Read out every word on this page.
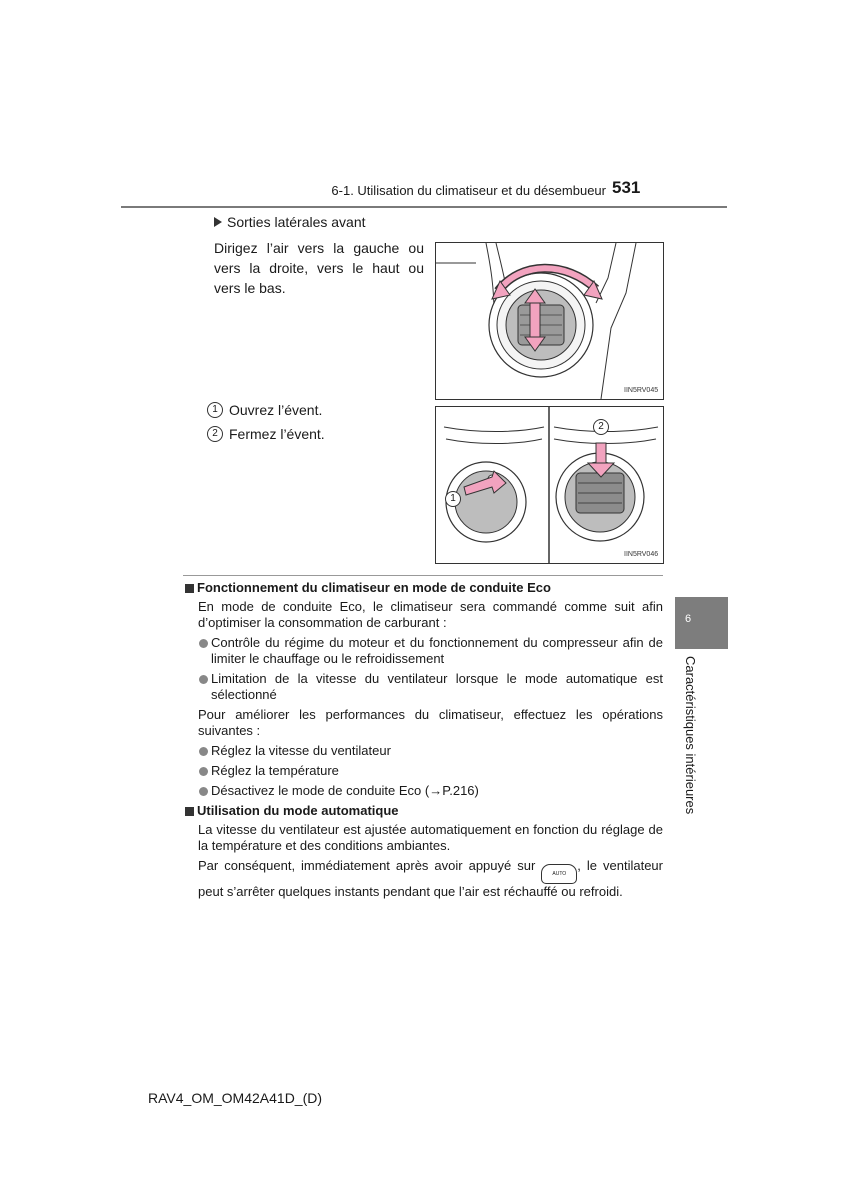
6-1. Utilisation du climatiseur et du désembueur 531
6
Caractéristiques intérieures
Sorties latérales avant
Dirigez l’air vers la gauche ou vers la droite, vers le haut ou vers le bas.
IIN5RV045
1 Ouvrez l’évent.
2 Fermez l’évent.
1
2
IIN5RV046
Fonctionnement du climatiseur en mode de conduite Eco
En mode de conduite Eco, le climatiseur sera commandé comme suit afin d’optimiser la consommation de carburant :
Contrôle du régime du moteur et du fonctionnement du compresseur afin de limiter le chauffage ou le refroidissement
Limitation de la vitesse du ventilateur lorsque le mode automatique est sélectionné
Pour améliorer les performances du climatiseur, effectuez les opérations suivantes :
Réglez la vitesse du ventilateur
Réglez la température
Désactivez le mode de conduite Eco (→P.216)
Utilisation du mode automatique
La vitesse du ventilateur est ajustée automatiquement en fonction du réglage de la température et des conditions ambiantes.
Par conséquent, immédiatement après avoir appuyé sur AUTO, le ventilateur peut s’arrêter quelques instants pendant que l’air est réchauffé ou refroidi.
RAV4_OM_OM42A41D_(D)
